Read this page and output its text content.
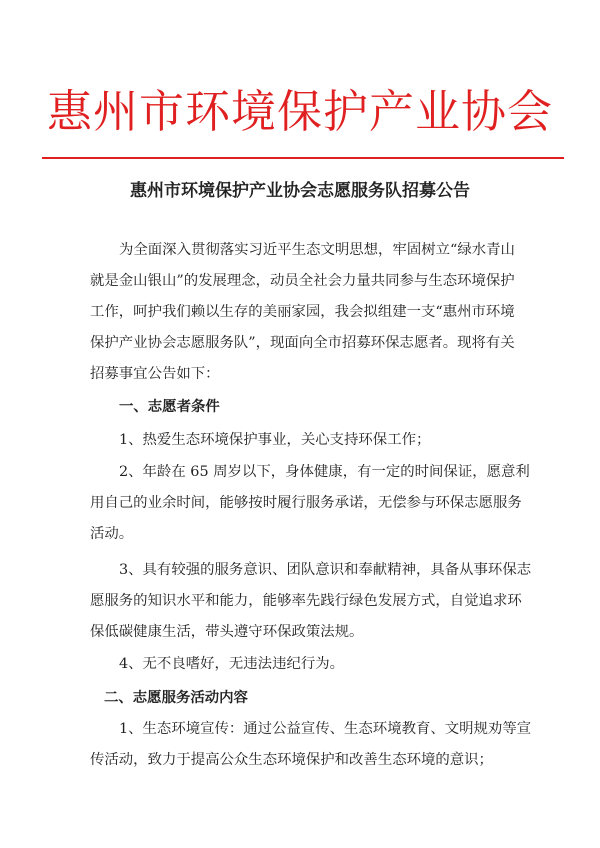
惠州市环境保护产业协会
惠州市环境保护产业协会志愿服务队招募公告
为全面深入贯彻落实习近平生态文明思想，牢固树立“绿水青山
就是金山银山”的发展理念，动员全社会力量共同参与生态环境保护
工作，呵护我们赖以生存的美丽家园，我会拟组建一支“惠州市环境
保护产业协会志愿服务队”，现面向全市招募环保志愿者。现将有关
招募事宜公告如下：
一、志愿者条件
1、热爱生态环境保护事业，关心支持环保工作；
2、年龄在 65 周岁以下，身体健康，有一定的时间保证，愿意利
用自己的业余时间，能够按时履行服务承诺，无偿参与环保志愿服务
活动。
3、具有较强的服务意识、团队意识和奉献精神，具备从事环保志
愿服务的知识水平和能力，能够率先践行绿色发展方式，自觉追求环
保低碳健康生活，带头遵守环保政策法规。
4、无不良嗜好，无违法违纪行为。
二、志愿服务活动内容
1、生态环境宣传：通过公益宣传、生态环境教育、文明规劝等宣
传活动，致力于提高公众生态环境保护和改善生态环境的意识；
